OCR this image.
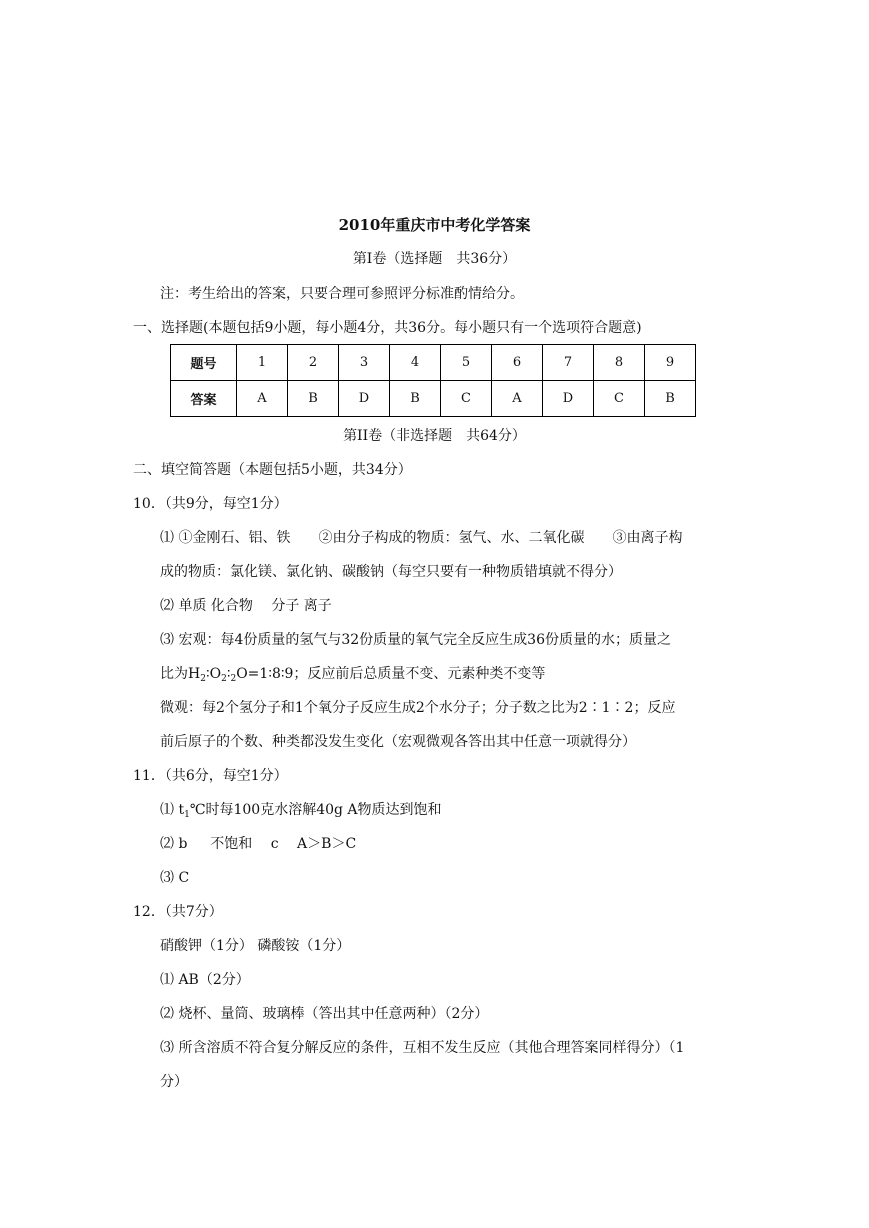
2010年重庆市中考化学答案
第Ⅰ卷（选择题　共36分）
注：考生给出的答案，只要合理可参照评分标准酌情给分。
一、选择题(本题包括9小题，每小题4分，共36分。每小题只有一个选项符合题意)
题号	1	2	3	4	5	6	7	8	9
答案	A	B	D	B	C	A	D	C	B
第II卷（非选择题　共64分）
二、填空简答题（本题包括5小题，共34分）
10．（共9分，每空1分）
⑴ ①金刚石、铝、铁　　②由分子构成的物质：氢气、水、二氧化碳　　③由离子构
成的物质：氯化镁、氯化钠、碳酸钠（每空只要有一种物质错填就不得分）
⑵ 单质 化合物　 分子 离子
⑶ 宏观：每4份质量的氢气与32份质量的氧气完全反应生成36份质量的水；质量之
比为$H_2∶O_2∶_2O=1∶8∶9$；反应前后总质量不变、元素种类不变等
微观：每2个氢分子和1个氧分子反应生成2个水分子；分子数之比为2∶1∶2；反应
前后原子的个数、种类都没发生变化（宏观微观各答出其中任意一项就得分）
11．（共6分，每空1分）
⑴ $t_1℃$时每100克水溶解40g A物质达到饱和
⑵ b 　 不饱和　 c　 A＞B＞C
⑶ C
12．（共7分）
硝酸钾（1分） 磷酸铵（1分）
⑴ AB（2分）
⑵ 烧杯、量筒、玻璃棒（答出其中任意两种）（2分）
⑶ 所含溶质不符合复分解反应的条件，互相不发生反应（其他合理答案同样得分）（1
分）
